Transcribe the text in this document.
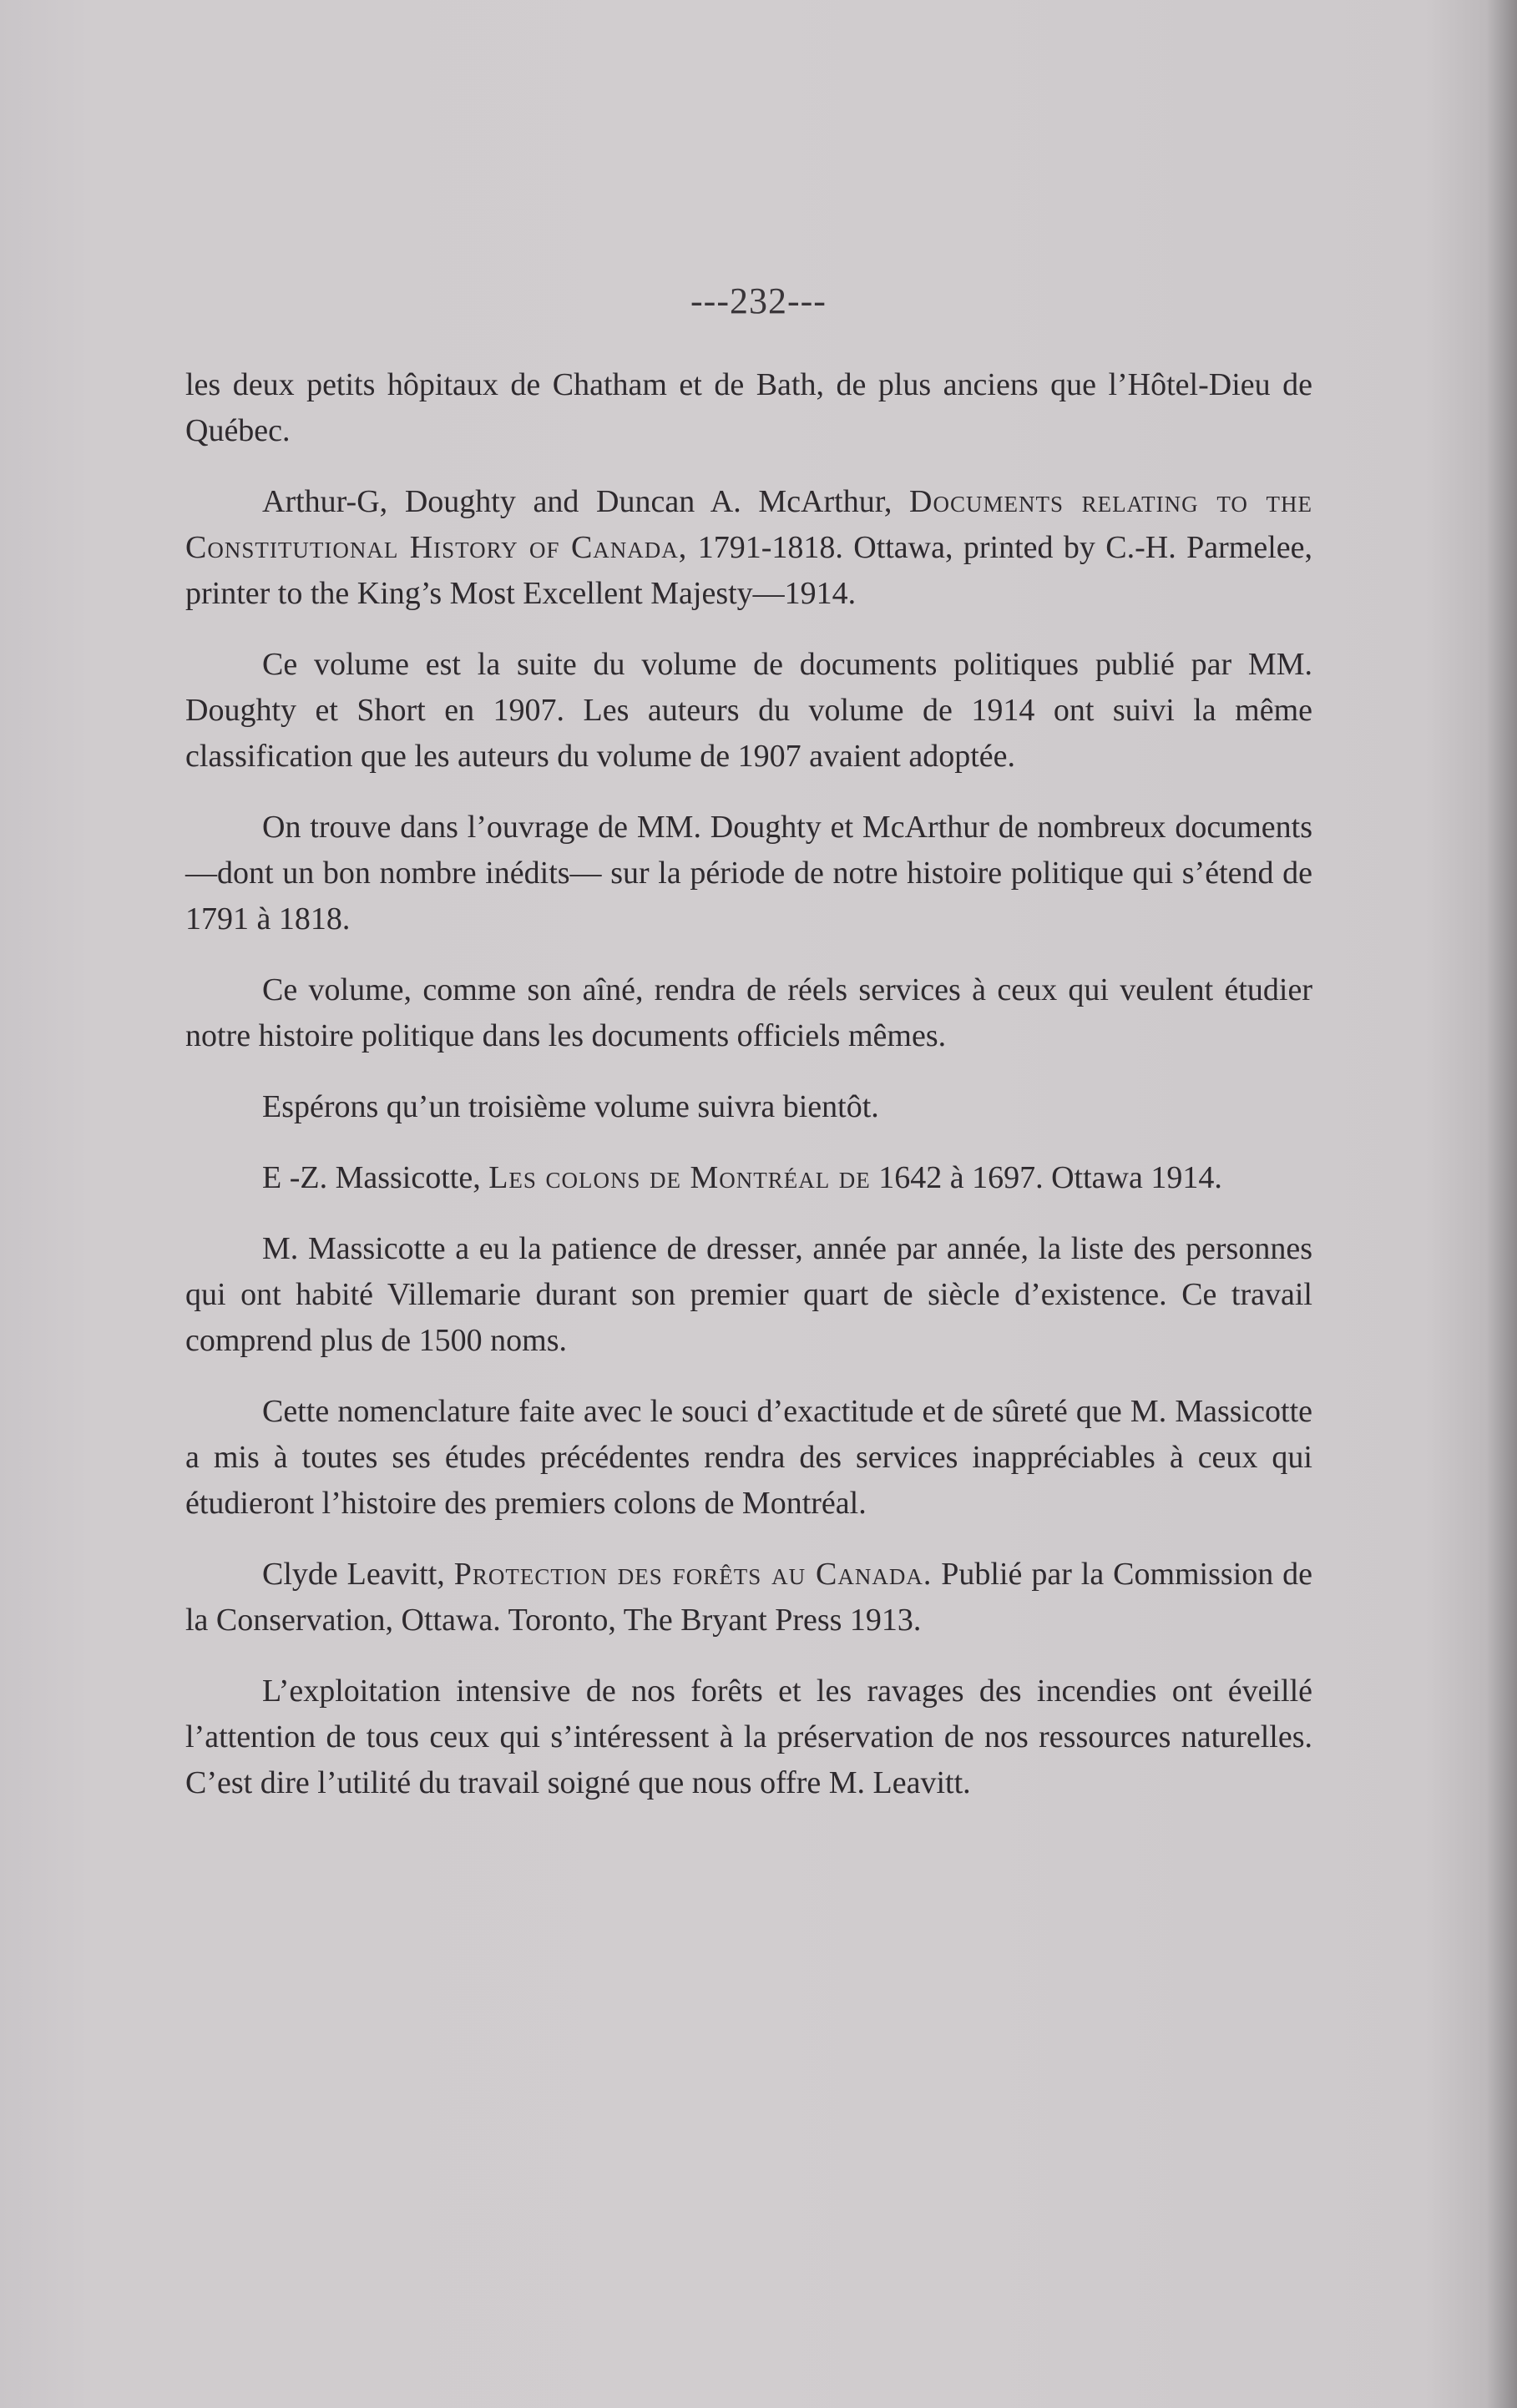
---232---

les deux petits hôpitaux de Chatham et de Bath, de plus anciens que l’Hôtel-Dieu de Québec.

Arthur-G, Doughty and Duncan A. McArthur, Documents relating to the Constitutional History of Canada, 1791-1818. Ottawa, printed by C.-H. Parmelee, printer to the King’s Most Excellent Majesty—1914.

Ce volume est la suite du volume de documents politiques publié par MM. Doughty et Short en 1907. Les auteurs du volume de 1914 ont suivi la même classification que les auteurs du volume de 1907 avaient adoptée.

On trouve dans l’ouvrage de MM. Doughty et McArthur de nombreux documents—dont un bon nombre inédits— sur la période de notre histoire politique qui s’étend de 1791 à 1818.

Ce volume, comme son aîné, rendra de réels services à ceux qui veulent étudier notre histoire politique dans les documents officiels mêmes.

Espérons qu’un troisième volume suivra bientôt.

E -Z. Massicotte, Les colons de Montréal de 1642 à 1697. Ottawa 1914.

M. Massicotte a eu la patience de dresser, année par année, la liste des personnes qui ont habité Villemarie durant son premier quart de siècle d’existence. Ce travail comprend plus de 1500 noms.

Cette nomenclature faite avec le souci d’exactitude et de sûreté que M. Massicotte a mis à toutes ses études précédentes rendra des services inappréciables à ceux qui étudieront l’histoire des premiers colons de Montréal.

Clyde Leavitt, Protection des forêts au Canada. Publié par la Commission de la Conservation, Ottawa. Toronto, The Bryant Press 1913.

L’exploitation intensive de nos forêts et les ravages des incendies ont éveillé l’attention de tous ceux qui s’intéressent à la préservation de nos ressources naturelles. C’est dire l’utilité du travail soigné que nous offre M. Leavitt.
